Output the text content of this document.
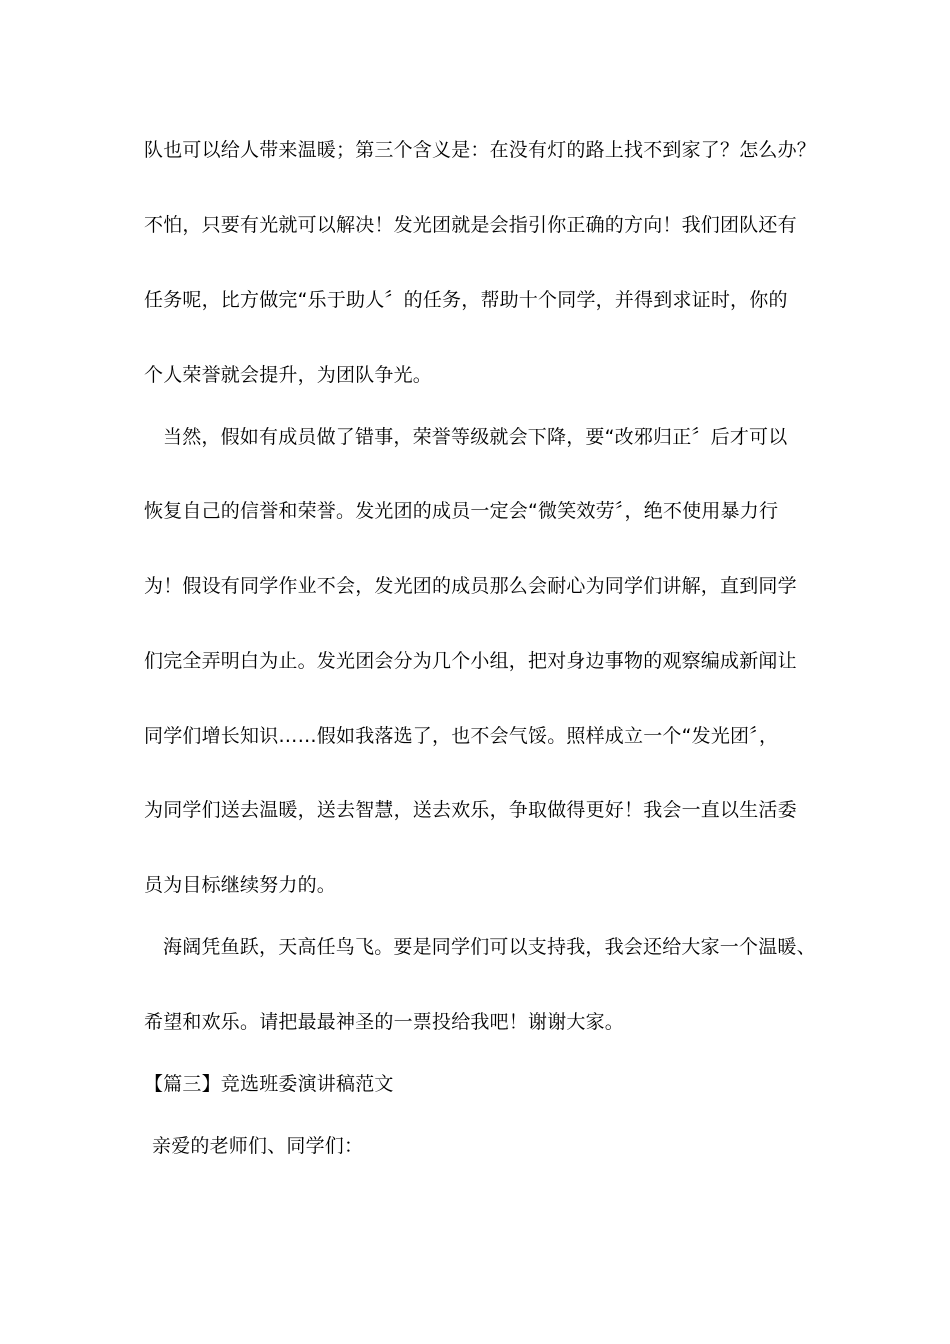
队也可以给人带来温暖；第三个含义是：在没有灯的路上找不到家了？怎么办？
不怕，只要有光就可以解决！发光团就是会指引你正确的方向！我们团队还有
任务呢，比方做完“乐于助人〞的任务，帮助十个同学，并得到求证时，你的
个人荣誉就会提升，为团队争光。
当然，假如有成员做了错事，荣誉等级就会下降，要“改邪归正〞后才可以
恢复自己的信誉和荣誉。发光团的成员一定会“微笑效劳〞，绝不使用暴力行
为！假设有同学作业不会，发光团的成员那么会耐心为同学们讲解，直到同学
们完全弄明白为止。发光团会分为几个小组，把对身边事物的观察编成新闻让
同学们增长知识……假如我落选了，也不会气馁。照样成立一个“发光团〞，
为同学们送去温暖，送去智慧，送去欢乐，争取做得更好！我会一直以生活委
员为目标继续努力的。
海阔凭鱼跃，天高任鸟飞。要是同学们可以支持我，我会还给大家一个温暖、
希望和欢乐。请把最最神圣的一票投给我吧！谢谢大家。
【篇三】竞选班委演讲稿范文
亲爱的老师们、同学们：
